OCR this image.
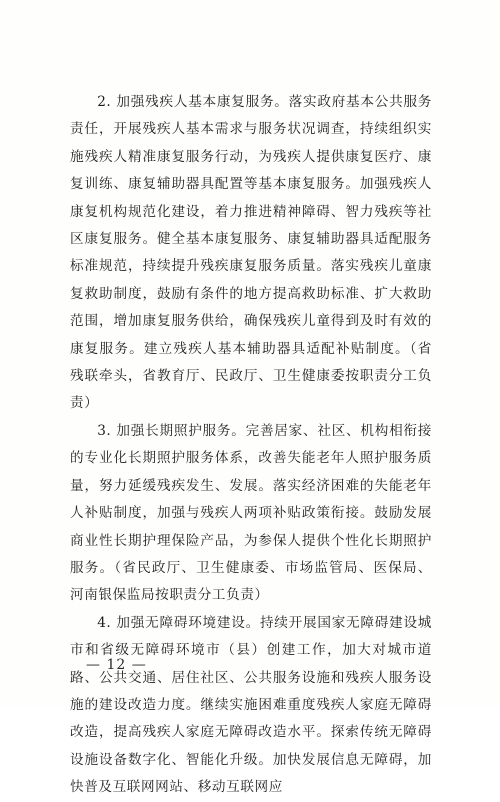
2. 加强残疾人基本康复服务。落实政府基本公共服务责任，开展残疾人基本需求与服务状况调查，持续组织实施残疾人精准康复服务行动，为残疾人提供康复医疗、康复训练、康复辅助器具配置等基本康复服务。加强残疾人康复机构规范化建设，着力推进精神障碍、智力残疾等社区康复服务。健全基本康复服务、康复辅助器具适配服务标准规范，持续提升残疾康复服务质量。落实残疾儿童康复救助制度，鼓励有条件的地方提高救助标准、扩大救助范围，增加康复服务供给，确保残疾儿童得到及时有效的康复服务。建立残疾人基本辅助器具适配补贴制度。（省残联牵头，省教育厅、民政厅、卫生健康委按职责分工负责）

3. 加强长期照护服务。完善居家、社区、机构相衔接的专业化长期照护服务体系，改善失能老年人照护服务质量，努力延缓残疾发生、发展。落实经济困难的失能老年人补贴制度，加强与残疾人两项补贴政策衔接。鼓励发展商业性长期护理保险产品，为参保人提供个性化长期照护服务。（省民政厅、卫生健康委、市场监管局、医保局、河南银保监局按职责分工负责）

4. 加强无障碍环境建设。持续开展国家无障碍建设城市和省级无障碍环境市（县）创建工作，加大对城市道路、公共交通、居住社区、公共服务设施和残疾人服务设施的建设改造力度。继续实施困难重度残疾人家庭无障碍改造，提高残疾人家庭无障碍改造水平。探索传统无障碍设施设备数字化、智能化升级。加快发展信息无障碍，加快普及互联网网站、移动互联网应

— 12 —
